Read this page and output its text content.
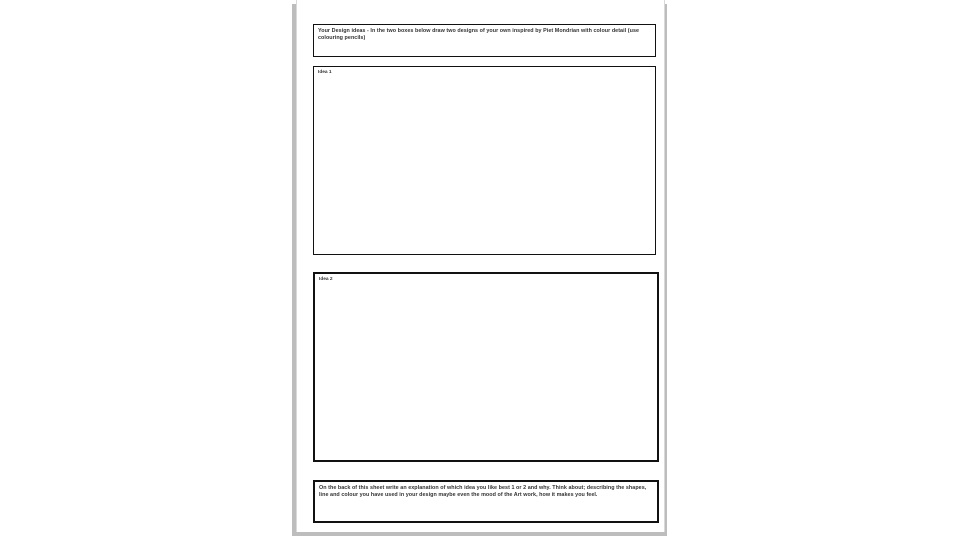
Your Design ideas - In the two boxes below draw two designs of your own inspired by Piet Mondrian with colour detail (use colouring pencils)

Idea 1

Idea 2

On the back of this sheet write an explanation of which idea you like best 1 or 2 and why. Think about; describing the shapes, line and colour you have used in your design maybe even the mood of the Art work, how it makes you feel.
